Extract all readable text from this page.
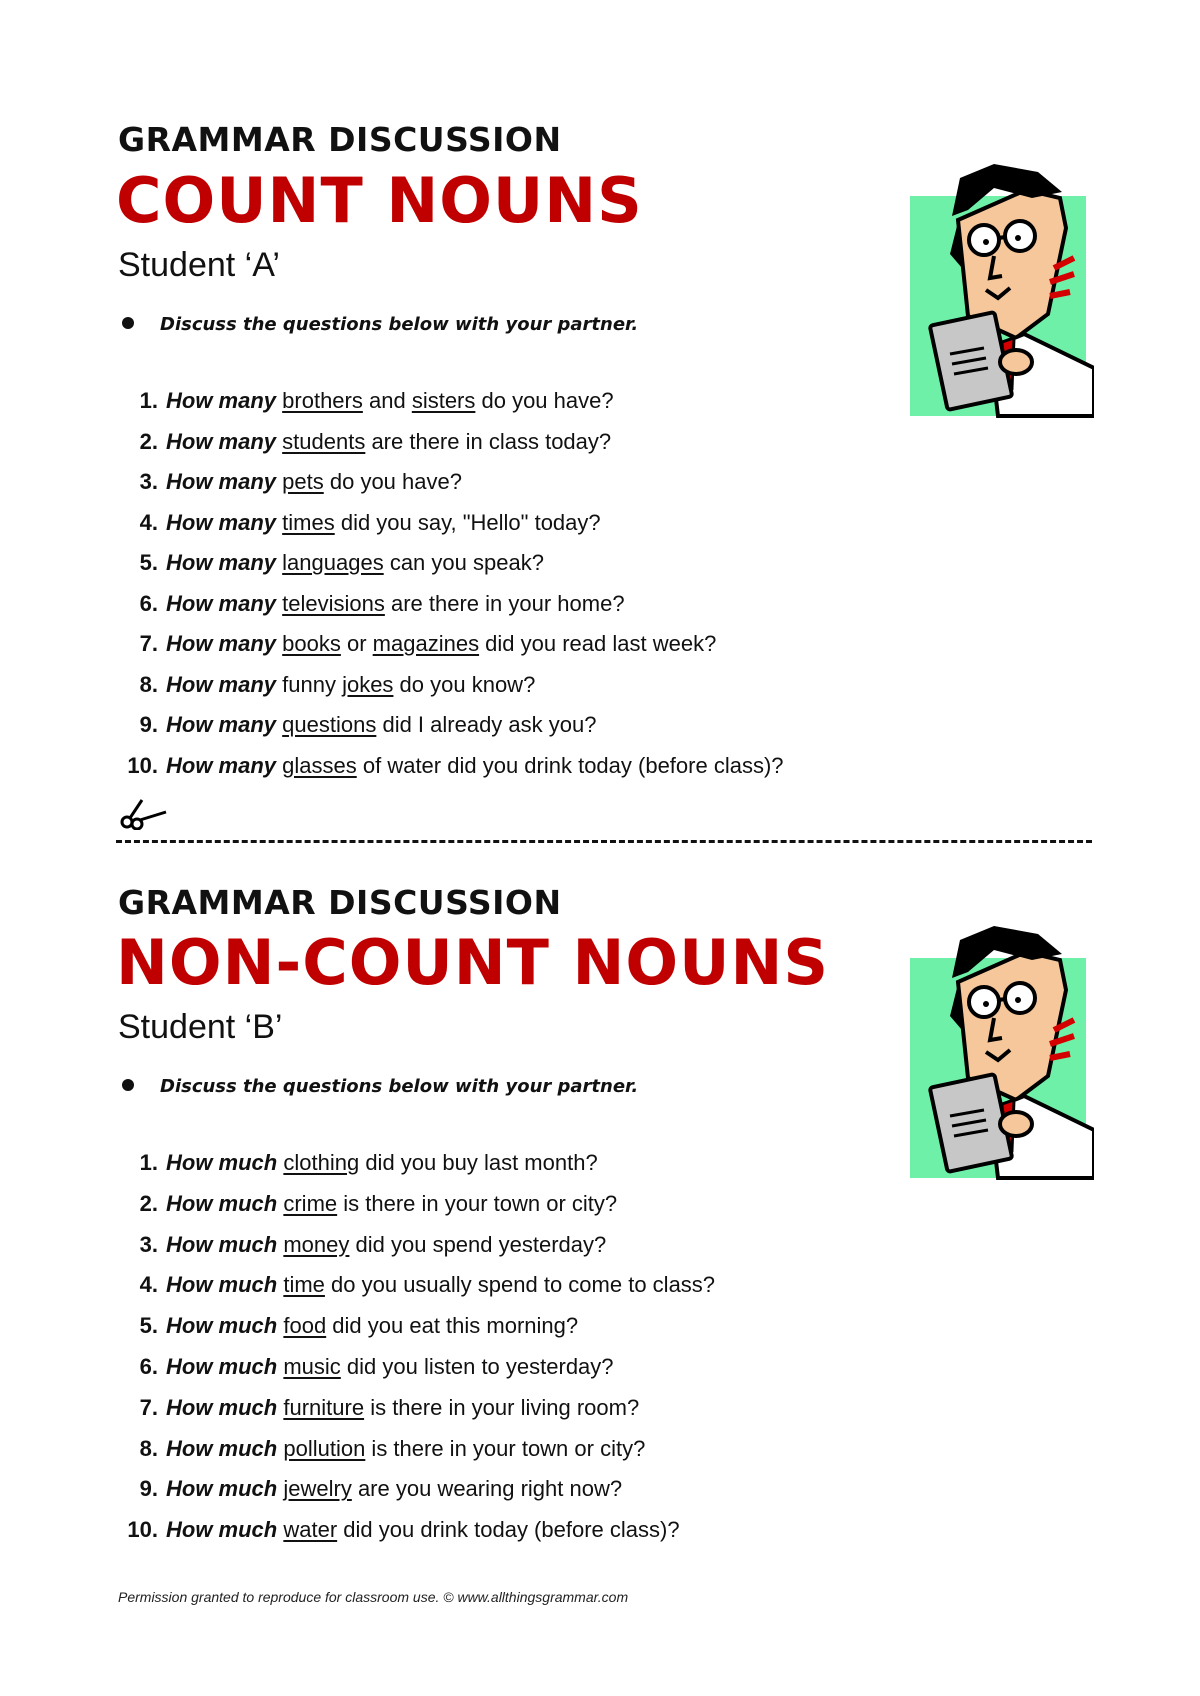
GRAMMAR DISCUSSION
COUNT NOUNS
Student ‘A’
Discuss the questions below with your partner.
1. How many brothers and sisters do you have?
2. How many students are there in class today?
3. How many pets do you have?
4. How many times did you say, "Hello" today?
5. How many languages can you speak?
6. How many televisions are there in your home?
7. How many books or magazines did you read last week?
8. How many funny jokes do you know?
9. How many questions did I already ask you?
10. How many glasses of water did you drink today (before class)?
GRAMMAR DISCUSSION
NON-COUNT NOUNS
Student ‘B’
Discuss the questions below with your partner.
1. How much clothing did you buy last month?
2. How much crime is there in your town or city?
3. How much money did you spend yesterday?
4. How much time do you usually spend to come to class?
5. How much food did you eat this morning?
6. How much music did you listen to yesterday?
7. How much furniture is there in your living room?
8. How much pollution is there in your town or city?
9. How much jewelry are you wearing right now?
10. How much water did you drink today (before class)?
Permission granted to reproduce for classroom use. © www.allthingsgrammar.com
